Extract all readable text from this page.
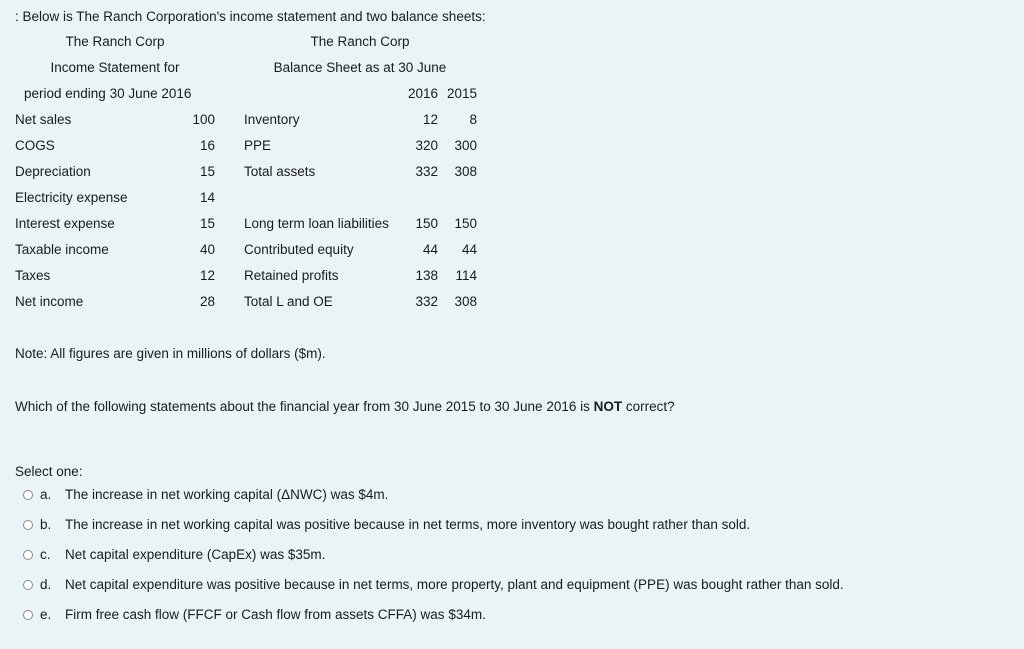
: Below is The Ranch Corporation's income statement and two balance sheets:
The Ranch Corp
Income Statement for
period ending 30 June 2016
The Ranch Corp
Balance Sheet as at 30 June
2016 2015
Net sales	100
COGS	16
Depreciation	15
Electricity expense	14
Interest expense	15
Taxable income	40
Taxes	12
Net income	28
Inventory	12	8
PPE	320	300
Total assets	332	308
Long term loan liabilities	150	150
Contributed equity	44	44
Retained profits	138	114
Total L and OE	332	308
Note: All figures are given in millions of dollars ($m).
Which of the following statements about the financial year from 30 June 2015 to 30 June 2016 is NOT correct?
Select one:
a. The increase in net working capital (ΔNWC) was $4m.
b. The increase in net working capital was positive because in net terms, more inventory was bought rather than sold.
c. Net capital expenditure (CapEx) was $35m.
d. Net capital expenditure was positive because in net terms, more property, plant and equipment (PPE) was bought rather than sold.
e. Firm free cash flow (FFCF or Cash flow from assets CFFA) was $34m.
